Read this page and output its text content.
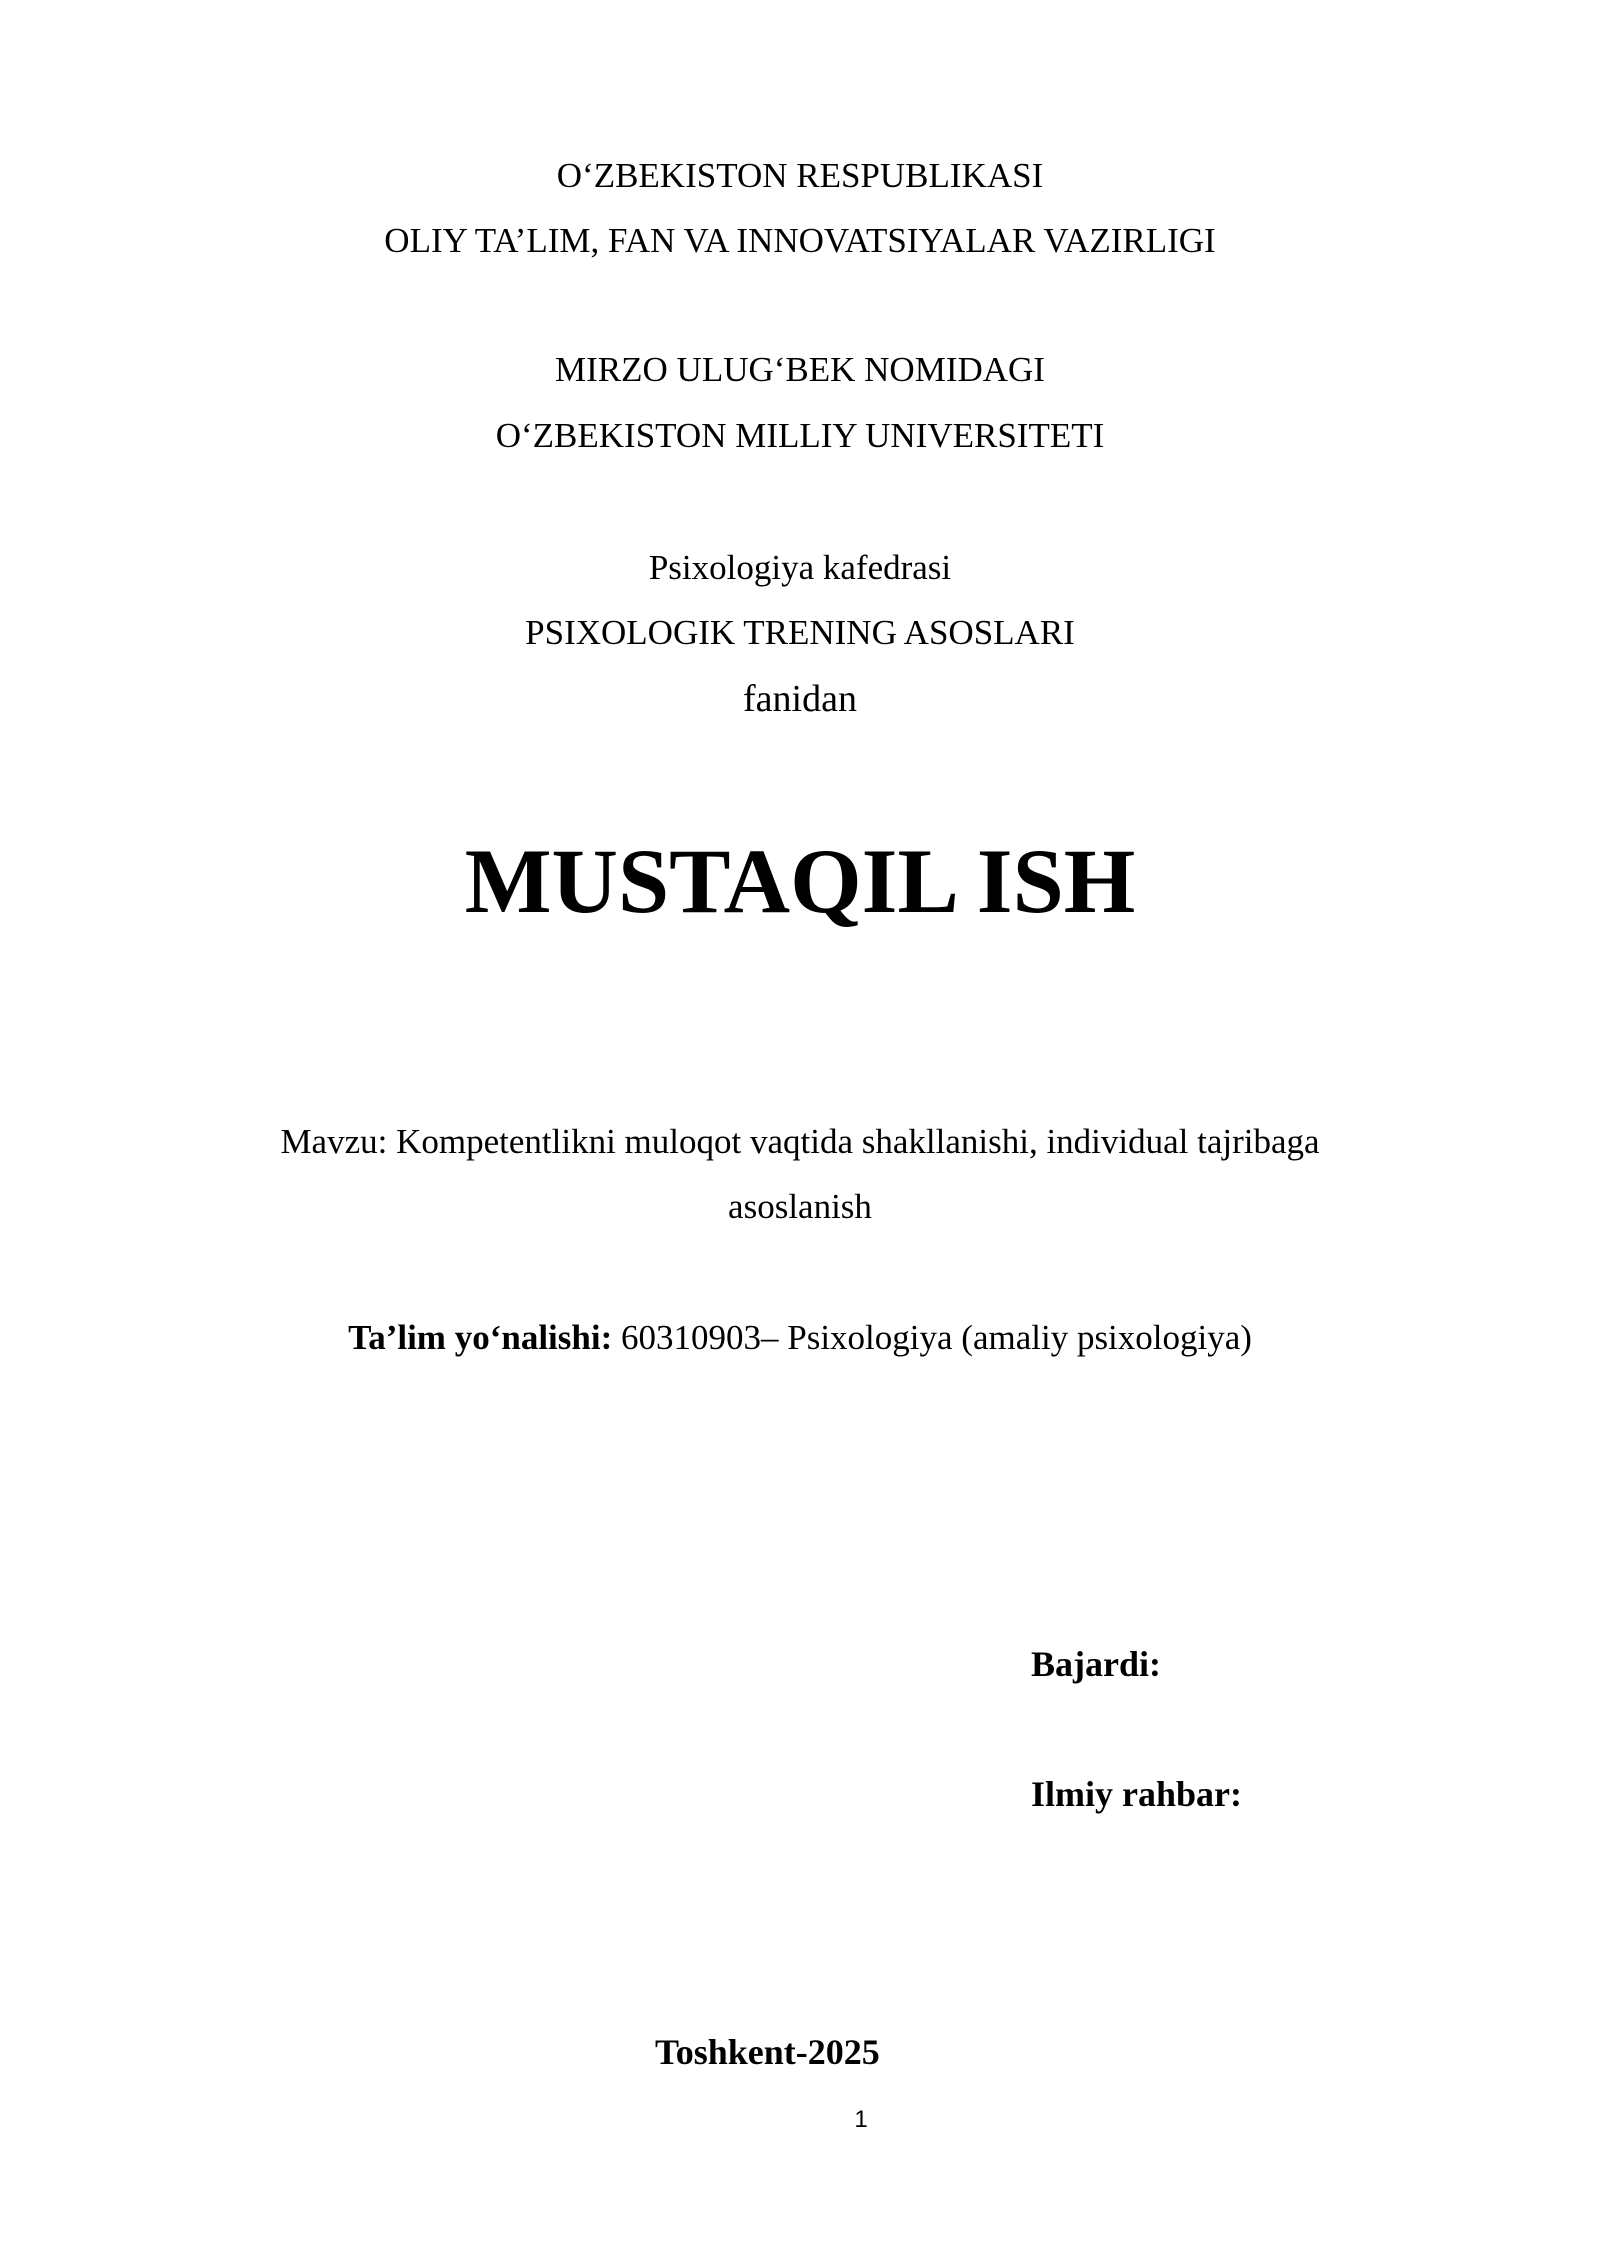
O‘ZBEKISTON RESPUBLIKASI
OLIY TA’LIM, FAN VA INNOVATSIYALAR VAZIRLIGI
MIRZO ULUG‘BEK NOMIDAGI
O‘ZBEKISTON MILLIY UNIVERSITETI
Psixologiya kafedrasi
PSIXOLOGIK TRENING ASOSLARI
fanidan
MUSTAQIL ISH
Mavzu: Kompetentlikni muloqot vaqtida shakllanishi, individual tajribaga
asoslanish
Ta’lim yo‘nalishi: 60310903– Psixologiya (amaliy psixologiya)
Bajardi:
Ilmiy rahbar:
Toshkent-2025
1
